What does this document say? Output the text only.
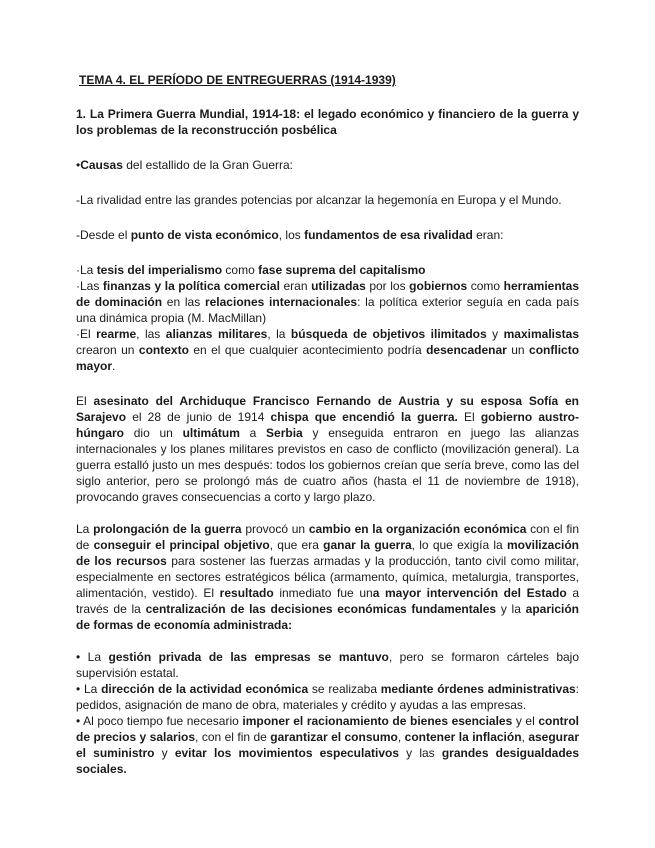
TEMA 4. EL PERÍODO DE ENTREGUERRAS (1914-1939)
1. La Primera Guerra Mundial, 1914-18: el legado económico y financiero de la guerra y los problemas de la reconstrucción posbélica

•Causas del estallido de la Gran Guerra:

-La rivalidad entre las grandes potencias por alcanzar la hegemonía en Europa y el Mundo.

-Desde el punto de vista económico, los fundamentos de esa rivalidad eran:

·La tesis del imperialismo como fase suprema del capitalismo

·Las finanzas y la política comercial eran utilizadas por los gobiernos como herramientas de dominación en las relaciones internacionales: la política exterior seguía en cada país una dinámica propia (M. MacMillan)

·El rearme, las alianzas militares, la búsqueda de objetivos ilimitados y maximalistas crearon un contexto en el que cualquier acontecimiento podría desencadenar un conflicto mayor.

El asesinato del Archiduque Francisco Fernando de Austria y su esposa Sofía en Sarajevo el 28 de junio de 1914 chispa que encendió la guerra. El gobierno austro-húngaro dio un ultimátum a Serbia y enseguida entraron en juego las alianzas internacionales y los planes militares previstos en caso de conflicto (movilización general). La guerra estalló justo un mes después: todos los gobiernos creían que sería breve, como las del siglo anterior, pero se prolongó más de cuatro años (hasta el 11 de noviembre de 1918), provocando graves consecuencias a corto y largo plazo.

La prolongación de la guerra provocó un cambio en la organización económica con el fin de conseguir el principal objetivo, que era ganar la guerra, lo que exigía la movilización de los recursos para sostener las fuerzas armadas y la producción, tanto civil como militar, especialmente en sectores estratégicos bélica (armamento, química, metalurgia, transportes, alimentación, vestido). El resultado inmediato fue una mayor intervención del Estado a través de la centralización de las decisiones económicas fundamentales y la aparición de formas de economía administrada:

• La gestión privada de las empresas se mantuvo, pero se formaron cárteles bajo supervisión estatal.

• La dirección de la actividad económica se realizaba mediante órdenes administrativas: pedidos, asignación de mano de obra, materiales y crédito y ayudas a las empresas.

• Al poco tiempo fue necesario imponer el racionamiento de bienes esenciales y el control de precios y salarios, con el fin de garantizar el consumo, contener la inflación, asegurar el suministro y evitar los movimientos especulativos y las grandes desigualdades sociales.
